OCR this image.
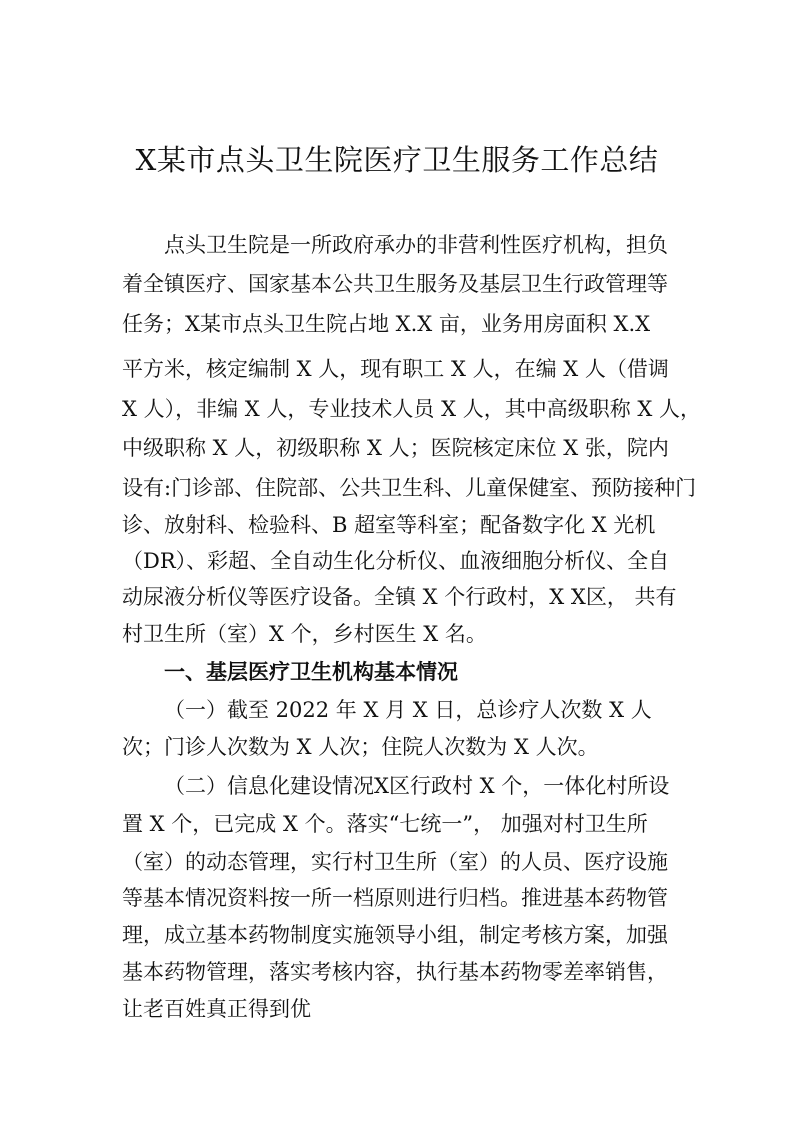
X某市点头卫生院医疗卫生服务工作总结
点头卫生院是一所政府承办的非营利性医疗机构，担负
着全镇医疗、国家基本公共卫生服务及基层卫生行政管理等
任务；X某市点头卫生院占地 X.X 亩，业务用房面积 X.X
平方米，核定编制 X 人，现有职工 X 人，在编 X 人（借调
X 人），非编 X 人，专业技术人员 X 人，其中高级职称 X 人，
中级职称 X 人，初级职称 X 人；医院核定床位 X 张，院内
设有:门诊部、住院部、公共卫生科、儿童保健室、预防接种门
诊、放射科、检验科、B 超室等科室；配备数字化 X 光机
（DR）、彩超、全自动生化分析仪、血液细胞分析仪、全自
动尿液分析仪等医疗设备。全镇 X 个行政村，X X区， 共有
村卫生所（室）X 个，乡村医生 X 名。
一、基层医疗卫生机构基本情况
（一）截至 2022 年 X 月 X 日，总诊疗人次数 X 人
次；门诊人次数为 X 人次；住院人次数为 X 人次。
（二）信息化建设情况X区行政村 X 个，一体化村所设
置 X 个，已完成 X 个。落实“七统一”， 加强对村卫生所
（室）的动态管理，实行村卫生所（室）的人员、医疗设施
等基本情况资料按一所一档原则进行归档。推进基本药物管
理，成立基本药物制度实施领导小组，制定考核方案，加强
基本药物管理，落实考核内容，执行基本药物零差率销售，
让老百姓真正得到优
